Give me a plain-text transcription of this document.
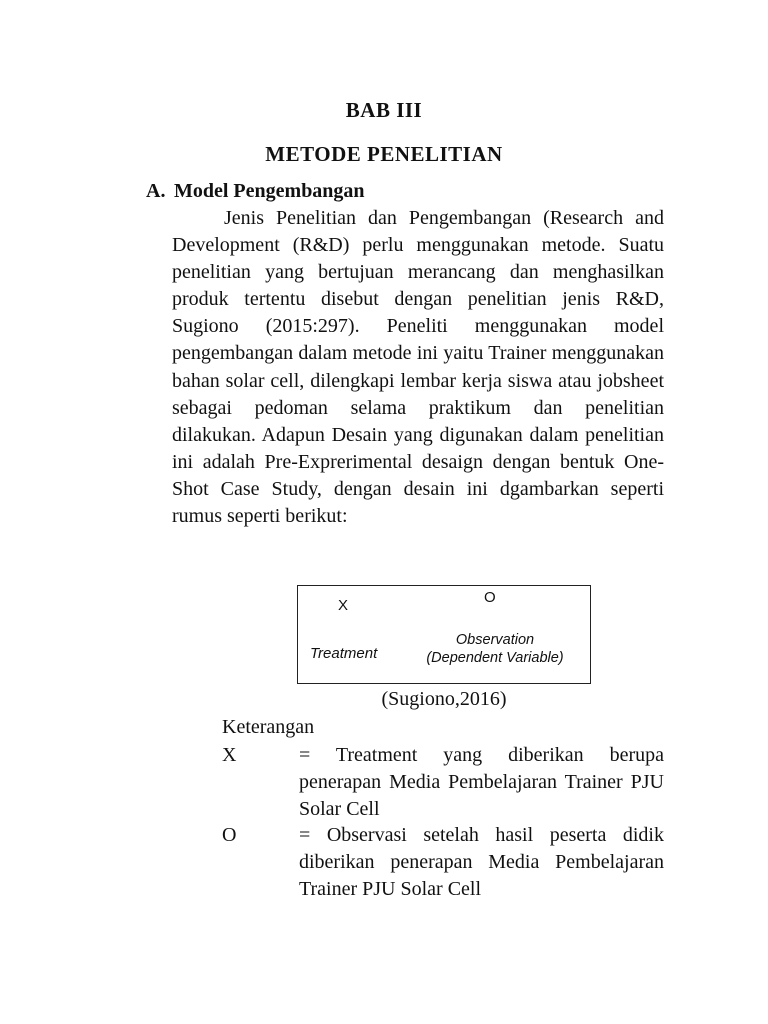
BAB III
METODE PENELITIAN
A. Model Pengembangan

Jenis Penelitian dan Pengembangan (Research and Development (R&D) perlu menggunakan metode. Suatu penelitian yang bertujuan merancang dan menghasilkan produk tertentu disebut dengan penelitian jenis R&D, Sugiono (2015:297). Peneliti menggunakan model pengembangan dalam metode ini yaitu Trainer menggunakan bahan solar cell, dilengkapi lembar kerja siswa atau jobsheet sebagai pedoman selama praktikum dan penelitian dilakukan. Adapun Desain yang digunakan dalam penelitian ini adalah Pre-Exprerimental desaign dengan bentuk One-Shot Case Study, dengan desain ini dgambarkan seperti rumus seperti berikut:

X	O
Treatment
Observation
(Dependent Variable)
(Sugiono,2016)
Keterangan
X	= Treatment yang diberikan berupa penerapan Media Pembelajaran Trainer PJU Solar Cell

O	= Observasi setelah hasil peserta didik diberikan penerapan Media Pembelajaran Trainer PJU Solar Cell
